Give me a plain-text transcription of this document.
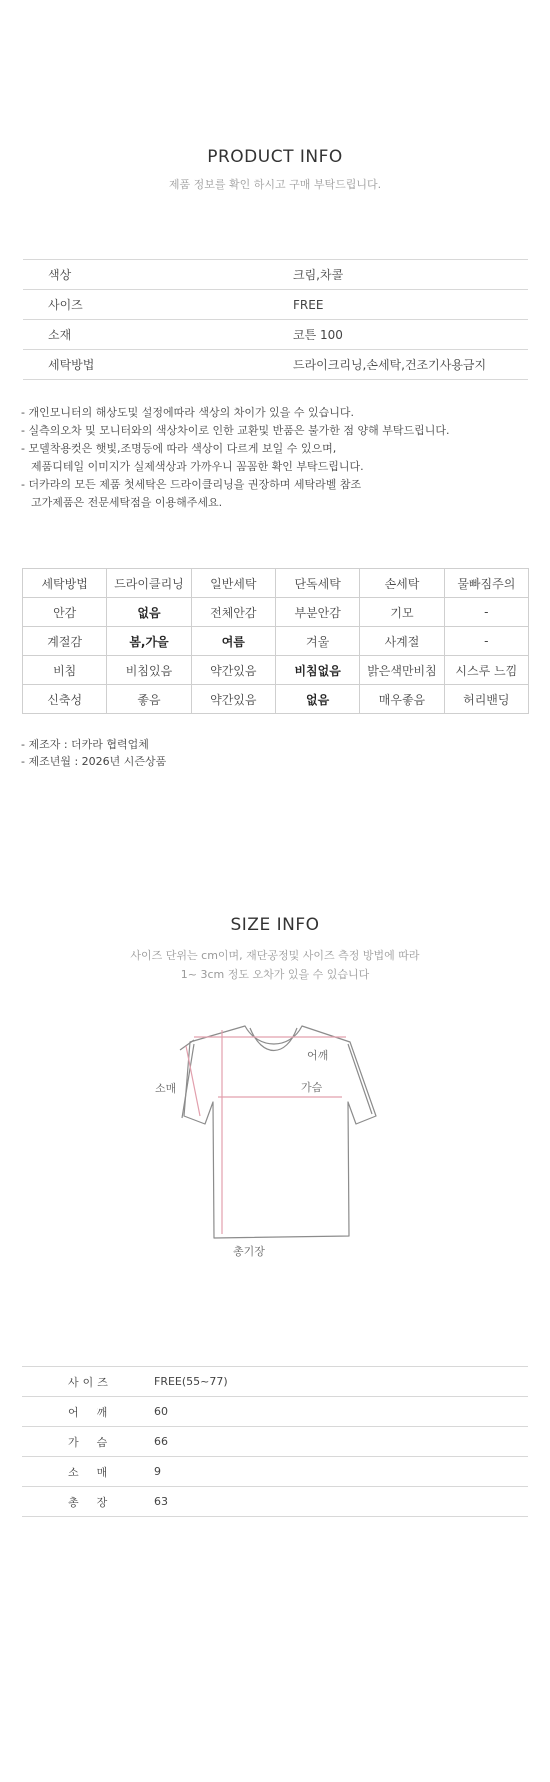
PRODUCT INFO
제품 정보를 확인 하시고 구매 부탁드립니다.
색상	크림,차콜
사이즈	FREE
소재	코튼 100
세탁방법	드라이크리닝,손세탁,건조기사용금지
- 개인모니터의 해상도및 설정에따라 색상의 차이가 있을 수 있습니다.
- 실측의오차 및 모니터와의 색상차이로 인한 교환및 반품은 불가한 점 양해 부탁드립니다.
- 모델착용컷은 햇빛,조명등에 따라 색상이 다르게 보일 수 있으며,
제품디테일 이미지가 실제색상과 가까우니 꼼꼼한 확인 부탁드립니다.
- 더카라의 모든 제품 첫세탁은 드라이클리닝을 권장하며 세탁라벨 참조
고가제품은 전문세탁점을 이용해주세요.
세탁방법	드라이클리닝	일반세탁	단독세탁	손세탁	물빠짐주의
안감	없음	전체안감	부분안감	기모	-
계절감	봄,가을	여름	겨울	사계절	-
비침	비침있음	약간있음	비침없음	밝은색만비침	시스루 느낌
신축성	좋음	약간있음	없음	매우좋음	허리밴딩
- 제조자 : 더카라 협력업체
- 제조년월 : 2026년 시즌상품
SIZE INFO
사이즈 단위는 cm이며, 재단공정및 사이즈 측정 방법에 따라
1~ 3cm 정도 오차가 있을 수 있습니다
어깨
가슴
소매
총기장
사이즈	FREE(55~77)
어깨	60
가슴	66
소매	9
총장	63
